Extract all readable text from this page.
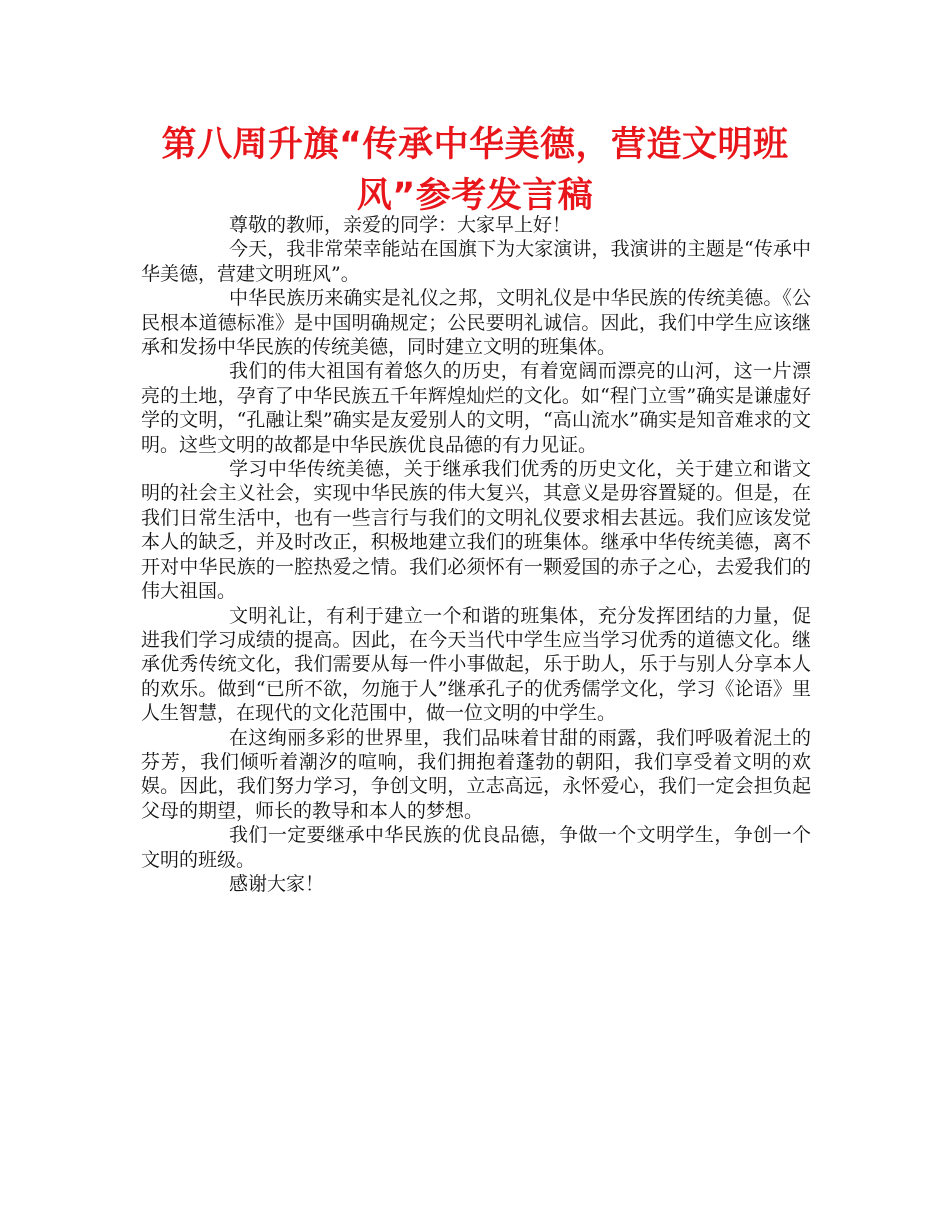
第八周升旗“传承中华美德，营造文明班风”参考发言稿

尊敬的教师，亲爱的同学：大家早上好！

今天，我非常荣幸能站在国旗下为大家演讲，我演讲的主题是“传承中华美德，营建文明班风”。

中华民族历来确实是礼仪之邦，文明礼仪是中华民族的传统美德。《公民根本道德标准》是中国明确规定；公民要明礼诚信。因此，我们中学生应该继承和发扬中华民族的传统美德，同时建立文明的班集体。

我们的伟大祖国有着悠久的历史，有着宽阔而漂亮的山河，这一片漂亮的土地，孕育了中华民族五千年辉煌灿烂的文化。如“程门立雪”确实是谦虚好学的文明，“孔融让梨”确实是友爱别人的文明，“高山流水”确实是知音难求的文明。这些文明的故都是中华民族优良品德的有力见证。

学习中华传统美德，关于继承我们优秀的历史文化，关于建立和谐文明的社会主义社会，实现中华民族的伟大复兴，其意义是毋容置疑的。但是，在我们日常生活中，也有一些言行与我们的文明礼仪要求相去甚远。我们应该发觉本人的缺乏，并及时改正，积极地建立我们的班集体。继承中华传统美德，离不开对中华民族的一腔热爱之情。我们必须怀有一颗爱国的赤子之心，去爱我们的伟大祖国。

文明礼让，有利于建立一个和谐的班集体，充分发挥团结的力量，促进我们学习成绩的提高。因此，在今天当代中学生应当学习优秀的道德文化。继承优秀传统文化，我们需要从每一件小事做起，乐于助人，乐于与别人分享本人的欢乐。做到“已所不欲，勿施于人”继承孔子的优秀儒学文化，学习《论语》里人生智慧，在现代的文化范围中，做一位文明的中学生。

在这绚丽多彩的世界里，我们品味着甘甜的雨露，我们呼吸着泥土的芬芳，我们倾听着潮汐的喧响，我们拥抱着蓬勃的朝阳，我们享受着文明的欢娱。因此，我们努力学习，争创文明，立志高远，永怀爱心，我们一定会担负起父母的期望，师长的教导和本人的梦想。

我们一定要继承中华民族的优良品德，争做一个文明学生，争创一个文明的班级。

感谢大家！
